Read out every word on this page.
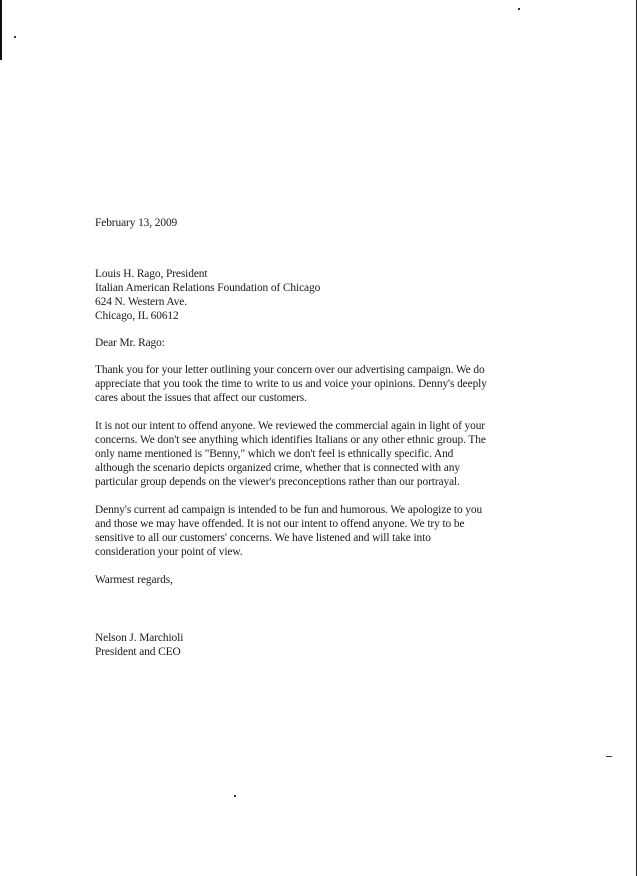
February 13, 2009
Louis H. Rago, President
Italian American Relations Foundation of Chicago
624 N. Western Ave.
Chicago, IL 60612
Dear Mr. Rago:
Thank you for your letter outlining your concern over our advertising campaign. We do
appreciate that you took the time to write to us and voice your opinions. Denny's deeply
cares about the issues that affect our customers.
It is not our intent to offend anyone. We reviewed the commercial again in light of your
concerns. We don't see anything which identifies Italians or any other ethnic group. The
only name mentioned is "Benny," which we don't feel is ethnically specific. And
although the scenario depicts organized crime, whether that is connected with any
particular group depends on the viewer's preconceptions rather than our portrayal.
Denny's current ad campaign is intended to be fun and humorous. We apologize to you
and those we may have offended. It is not our intent to offend anyone. We try to be
sensitive to all our customers' concerns. We have listened and will take into
consideration your point of view.
Warmest regards,
Nelson J. Marchioli
President and CEO
